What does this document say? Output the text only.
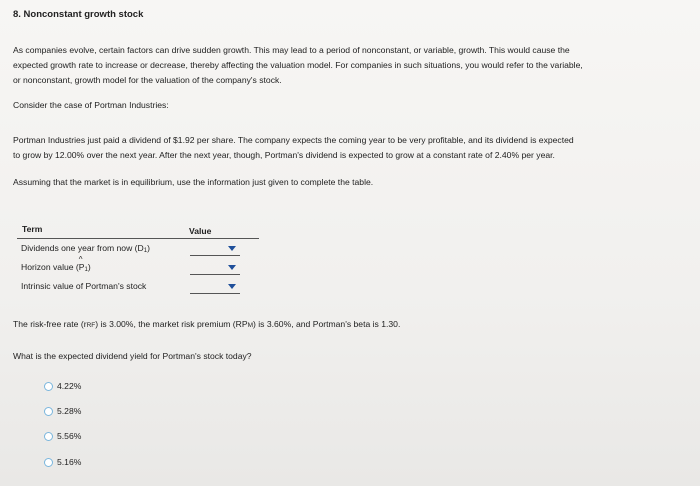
8. Nonconstant growth stock
As companies evolve, certain factors can drive sudden growth. This may lead to a period of nonconstant, or variable, growth. This would cause the
expected growth rate to increase or decrease, thereby affecting the valuation model. For companies in such situations, you would refer to the variable,
or nonconstant, growth model for the valuation of the company's stock.
Consider the case of Portman Industries:
Portman Industries just paid a dividend of $1.92 per share. The company expects the coming year to be very profitable, and its dividend is expected
to grow by 12.00% over the next year. After the next year, though, Portman's dividend is expected to grow at a constant rate of 2.40% per year.
Assuming that the market is in equilibrium, use the information just given to complete the table.
Term	Value
Dividends one year from now (D1)
Horizon value (^ P1)
Intrinsic value of Portman's stock
The risk-free rate (rRF) is 3.00%, the market risk premium (RPM) is 3.60%, and Portman's beta is 1.30.
What is the expected dividend yield for Portman's stock today?
4.22%
5.28%
5.56%
5.16%
